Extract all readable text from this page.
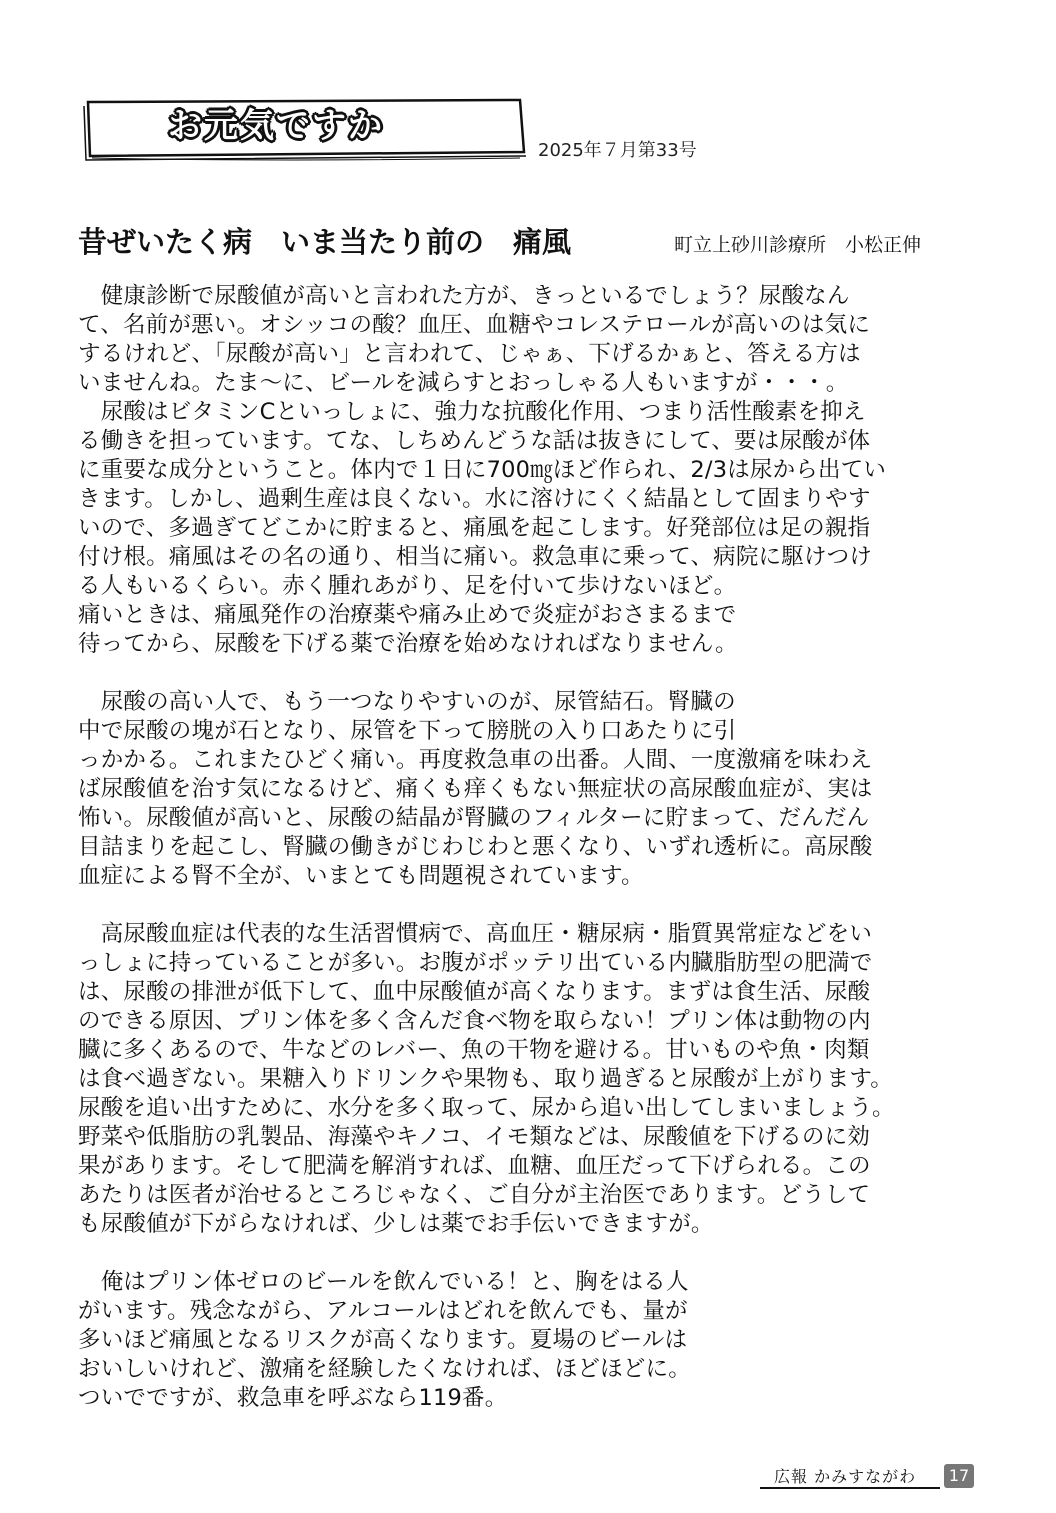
お元気ですか
2025年７月第33号
昔ぜいたく病　いま当たり前の　痛風	町立上砂川診療所　小松正伸
　健康診断で尿酸値が高いと言われた方が、きっといるでしょう？尿酸なん
て、名前が悪い。オシッコの酸？血圧、血糖やコレステロールが高いのは気に
するけれど、「尿酸が高い」と言われて、じゃぁ、下げるかぁと、答える方は
いませんね。たま～に、ビールを減らすとおっしゃる人もいますが・・・。
　尿酸はビタミンCといっしょに、強力な抗酸化作用、つまり活性酸素を抑え
る働きを担っています。てな、しちめんどうな話は抜きにして、要は尿酸が体
に重要な成分ということ。体内で１日に700㎎ほど作られ、2/3は尿から出てい
きます。しかし、過剰生産は良くない。水に溶けにくく結晶として固まりやす
いので、多過ぎてどこかに貯まると、痛風を起こします。好発部位は足の親指
付け根。痛風はその名の通り、相当に痛い。救急車に乗って、病院に駆けつけ
る人もいるくらい。赤く腫れあがり、足を付いて歩けないほど。
痛いときは、痛風発作の治療薬や痛み止めで炎症がおさまるまで
待ってから、尿酸を下げる薬で治療を始めなければなりません。
　尿酸の高い人で、もう一つなりやすいのが、尿管結石。腎臓の
中で尿酸の塊が石となり、尿管を下って膀胱の入り口あたりに引
っかかる。これまたひどく痛い。再度救急車の出番。人間、一度激痛を味わえ
ば尿酸値を治す気になるけど、痛くも痒くもない無症状の高尿酸血症が、実は
怖い。尿酸値が高いと、尿酸の結晶が腎臓のフィルターに貯まって、だんだん
目詰まりを起こし、腎臓の働きがじわじわと悪くなり、いずれ透析に。高尿酸
血症による腎不全が、いまとても問題視されています。
　高尿酸血症は代表的な生活習慣病で、高血圧・糖尿病・脂質異常症などをい
っしょに持っていることが多い。お腹がポッテリ出ている内臓脂肪型の肥満で
は、尿酸の排泄が低下して、血中尿酸値が高くなります。まずは食生活、尿酸
のできる原因、プリン体を多く含んだ食べ物を取らない！プリン体は動物の内
臓に多くあるので、牛などのレバー、魚の干物を避ける。甘いものや魚・肉類
は食べ過ぎない。果糖入りドリンクや果物も、取り過ぎると尿酸が上がります。
尿酸を追い出すために、水分を多く取って、尿から追い出してしまいましょう。
野菜や低脂肪の乳製品、海藻やキノコ、イモ類などは、尿酸値を下げるのに効
果があります。そして肥満を解消すれば、血糖、血圧だって下げられる。この
あたりは医者が治せるところじゃなく、ご自分が主治医であります。どうして
も尿酸値が下がらなければ、少しは薬でお手伝いできますが。
　俺はプリン体ゼロのビールを飲んでいる！と、胸をはる人
がいます。残念ながら、アルコールはどれを飲んでも、量が
多いほど痛風となるリスクが高くなります。夏場のビールは
おいしいけれど、激痛を経験したくなければ、ほどほどに。
ついでですが、救急車を呼ぶなら119番。
広報 かみすながわ	17
